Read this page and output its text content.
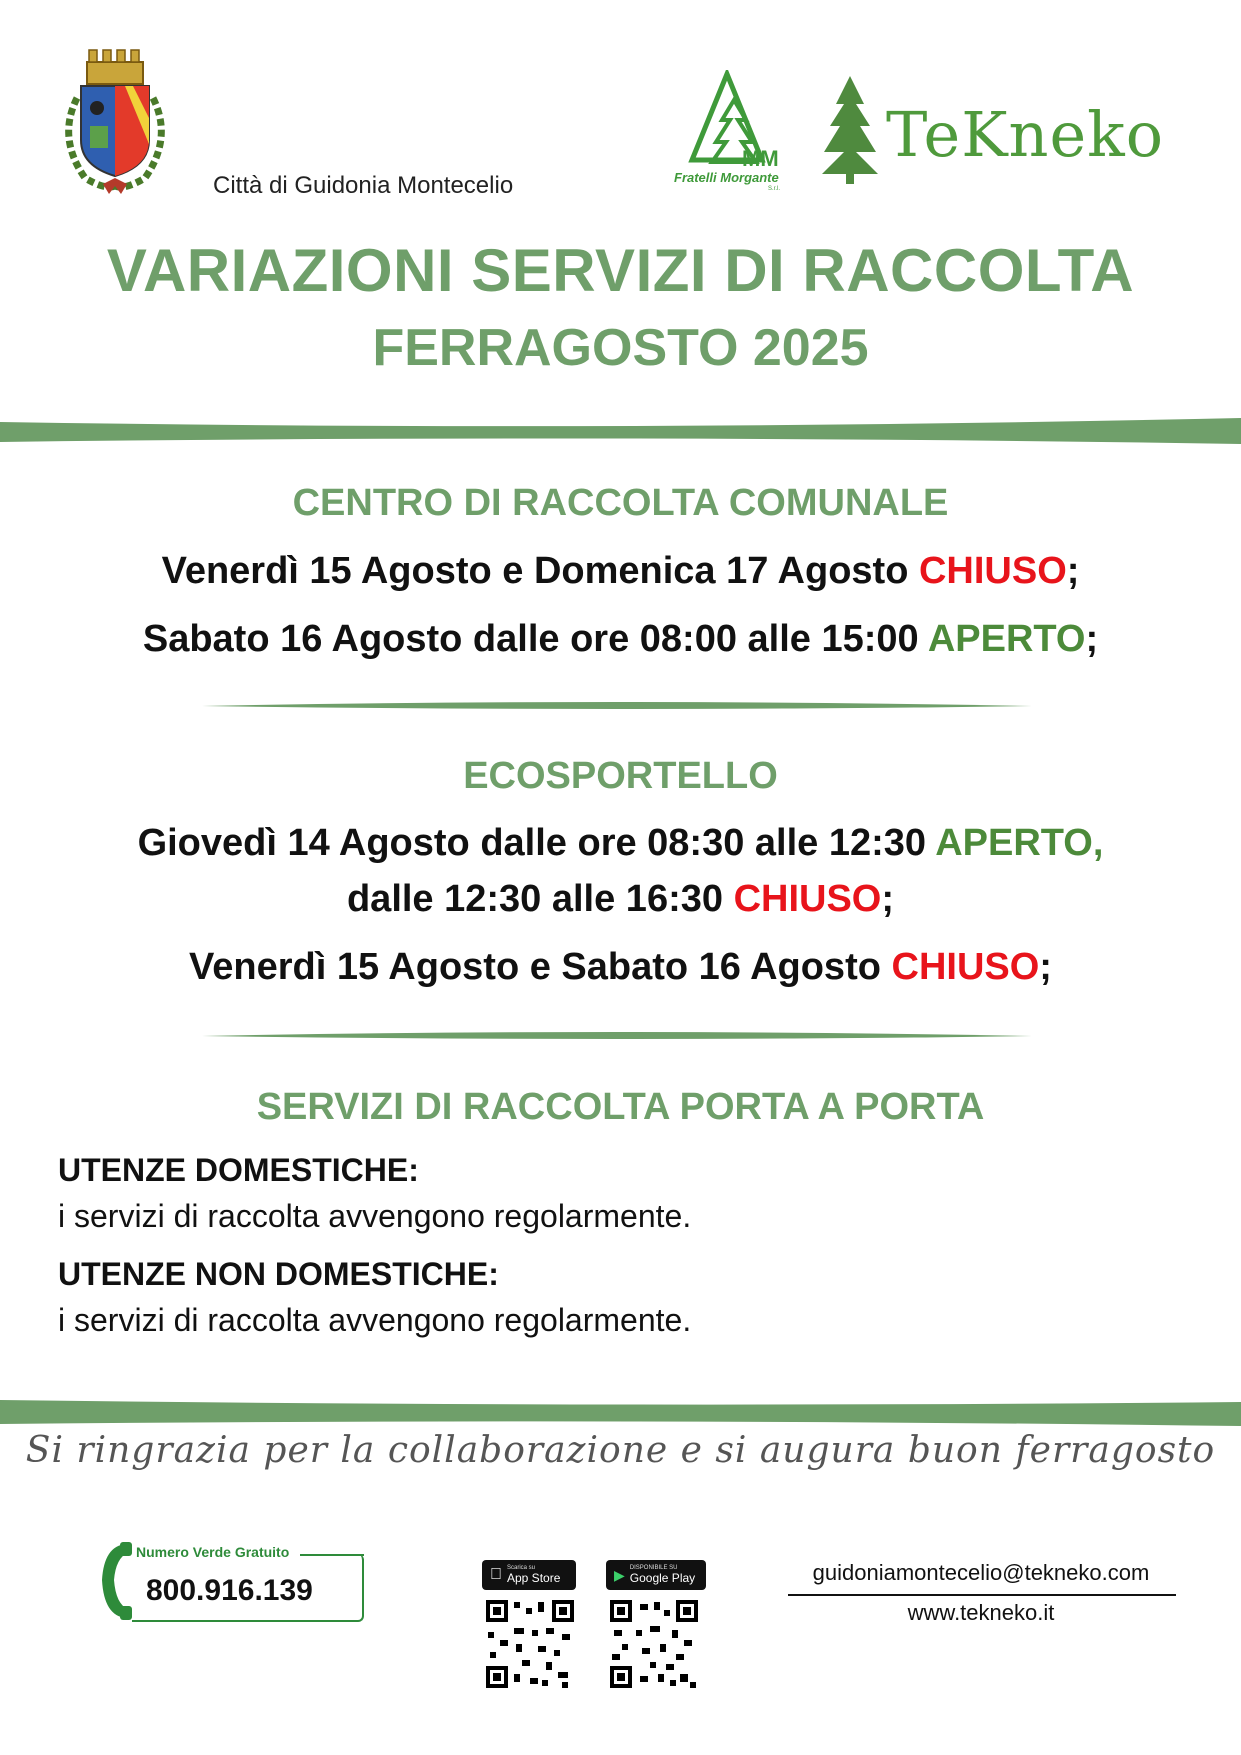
Città di Guidonia Montecelio
MM
Fratelli Morgante
S.r.l.
TeKneko
VARIAZIONI SERVIZI DI RACCOLTA
FERRAGOSTO 2025
CENTRO DI RACCOLTA COMUNALE
Venerdì 15 Agosto e Domenica 17 Agosto CHIUSO;
Sabato 16 Agosto dalle ore 08:00 alle 15:00 APERTO;
ECOSPORTELLO
Giovedì 14 Agosto dalle ore 08:30 alle 12:30 APERTO,
dalle 12:30 alle 16:30 CHIUSO;
Venerdì 15 Agosto e Sabato 16 Agosto CHIUSO;
SERVIZI DI RACCOLTA PORTA A PORTA
UTENZE DOMESTICHE:
i servizi di raccolta avvengono regolarmente.
UTENZE NON DOMESTICHE:
i servizi di raccolta avvengono regolarmente.
Si ringrazia per la collaborazione e si augura buon ferragosto
Numero Verde Gratuito
800.916.139
Scarica su
App Store	▶ DISPONIBILE SU
Google Play	guidoniamontecelio@tekneko.com
www.tekneko.it
